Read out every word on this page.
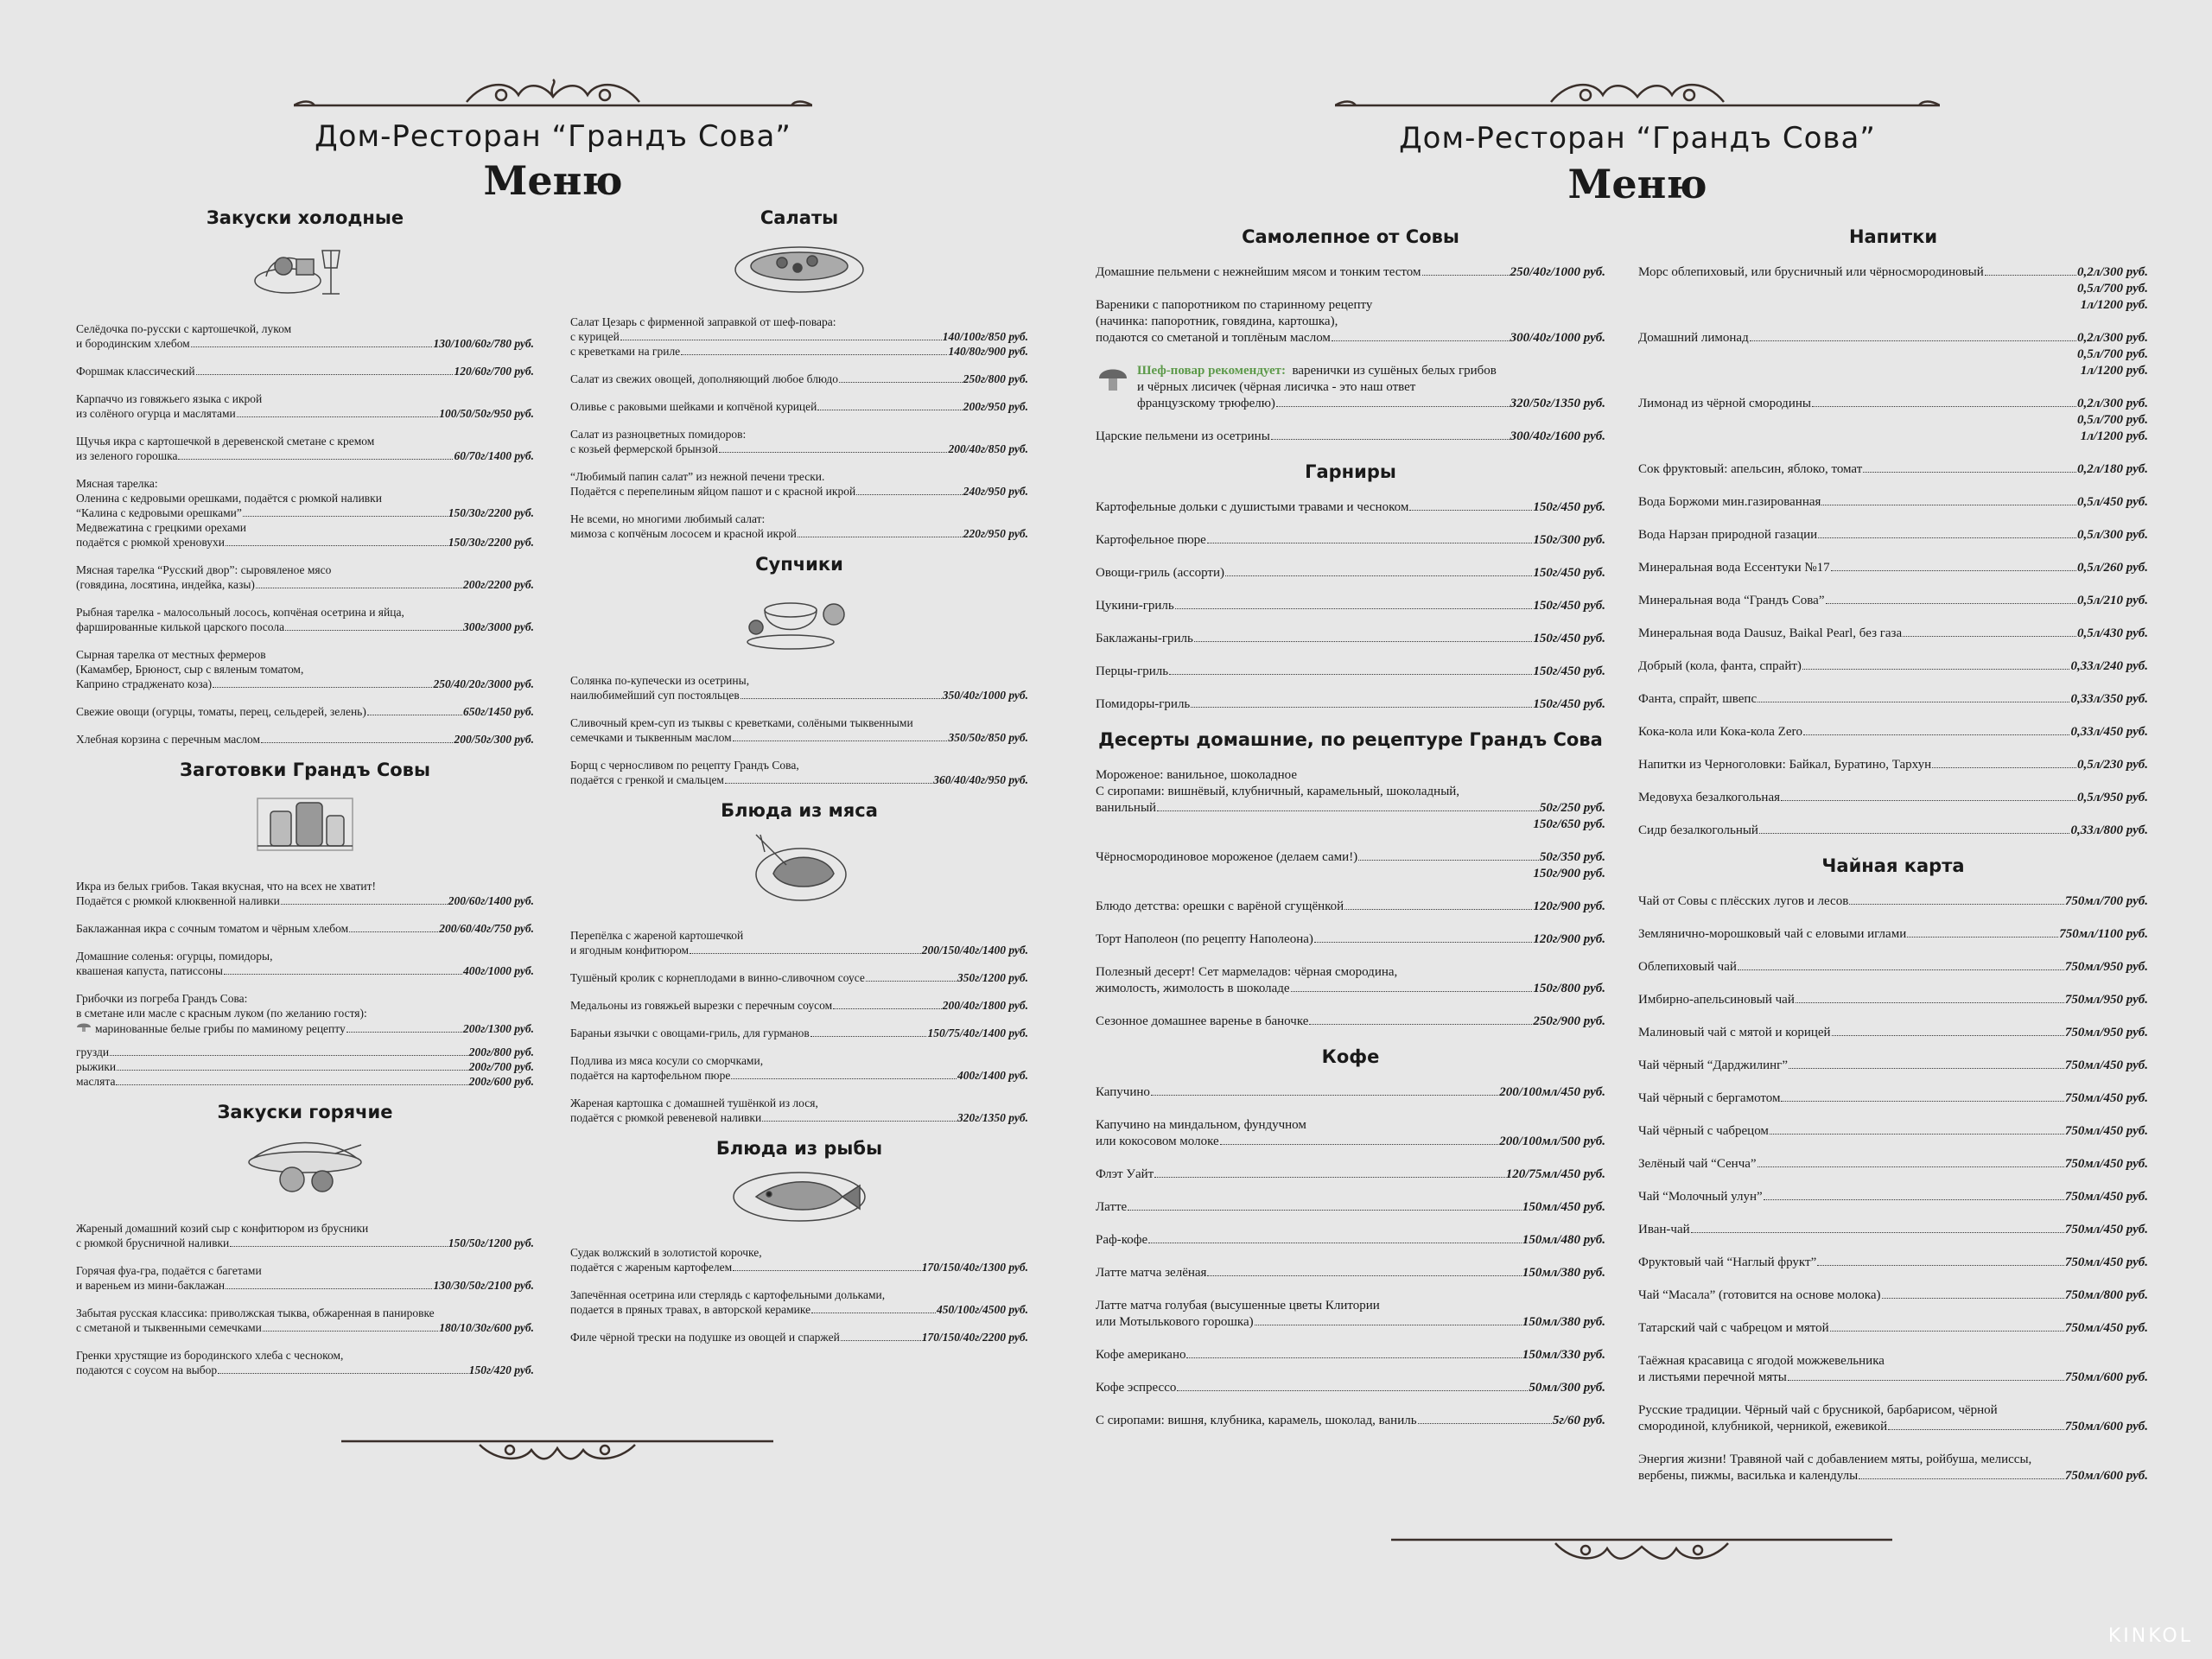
Дом-Ресторан “Грандъ Сова”
Меню
Закуски холодные
Селёдочка по-русски с картошечкой, луком
и бородинским хлебом	130/100/60г/780 руб.
Форшмак классический	120/60г/700 руб.
Карпаччо из говяжьего языка с икрой
из солёного огурца и маслятами	100/50/50г/950 руб.
Щучья икра с картошечкой в деревенской сметане с кремом
из зеленого горошка	60/70г/1400 руб.
Мясная тарелка:
Оленина с кедровыми орешками, подаётся с рюмкой наливки
“Калина с кедровыми орешками”	150/30г/2200 руб.
Медвежатина с грецкими орехами
подаётся с рюмкой хреновухи	150/30г/2200 руб.
Мясная тарелка “Русский двор”: сыровяленое мясо
(говядина, лосятина, индейка, казы)	200г/2200 руб.
Рыбная тарелка - малосольный лосось, копчёная осетрина и яйца,
фаршированные килькой царского посола	300г/3000 руб.
Сырная тарелка от местных фермеров
(Камамбер, Брюност, сыр с вяленым томатом,
Каприно страдженато коза)	250/40/20г/3000 руб.
Свежие овощи (огурцы, томаты, перец, сельдерей, зелень)	650г/1450 руб.
Хлебная корзина с перечным маслом	200/50г/300 руб.
Заготовки Грандъ Совы
Икра из белых грибов. Такая вкусная, что на всех не хватит!
Подаётся с рюмкой клюквенной наливки	200/60г/1400 руб.
Баклажанная икра с сочным томатом и чёрным хлебом	200/60/40г/750 руб.
Домашние соленья: огурцы, помидоры,
квашеная капуста, патиссоны	400г/1000 руб.
Грибочки из погреба Грандъ Сова:
в сметане или масле с красным луком (по желанию гостя):
маринованные белые грибы по маминому рецепту	200г/1300 руб.
грузди	200г/800 руб.
рыжики	200г/700 руб.
маслята	200г/600 руб.
Закуски горячие
Жареный домашний козий сыр с конфитюром из брусники
с рюмкой брусничной наливки	150/50г/1200 руб.
Горячая фуа-гра, подаётся с багетами
и вареньем из мини-баклажан	130/30/50г/2100 руб.
Забытая русская классика: приволжская тыква, обжаренная в панировке
с сметаной и тыквенными семечками	180/10/30г/600 руб.
Гренки хрустящие из бородинского хлеба с чесноком,
подаются с соусом на выбор	150г/420 руб.
Салаты
Салат Цезарь с фирменной заправкой от шеф-повара:
с курицей	140/100г/850 руб.
с креветками на гриле	140/80г/900 руб.
Салат из свежих овощей, дополняющий любое блюдо	250г/800 руб.
Оливье с раковыми шейками и копчёной курицей	200г/950 руб.
Салат из разноцветных помидоров:
с козьей фермерской брынзой	200/40г/850 руб.
“Любимый папин салат” из нежной печени трески.
Подаётся с перепелиным яйцом пашот и с красной икрой	240г/950 руб.
Не всеми, но многими любимый салат:
мимоза с копчёным лососем и красной икрой	220г/950 руб.
Супчики
Солянка по-купечески из осетрины,
наилюбимейший суп постояльцев	350/40г/1000 руб.
Сливочный крем-суп из тыквы с креветками, солёными тыквенными
семечками и тыквенным маслом	350/50г/850 руб.
Борщ с черносливом по рецепту Грандъ Сова,
подаётся с гренкой и смальцем	360/40/40г/950 руб.
Блюда из мяса
Перепёлка с жареной картошечкой
и ягодным конфитюром	200/150/40г/1400 руб.
Тушёный кролик с корнеплодами в винно-сливочном соусе	350г/1200 руб.
Медальоны из говяжьей вырезки с перечным соусом	200/40г/1800 руб.
Бараньи язычки с овощами-гриль, для гурманов	150/75/40г/1400 руб.
Подлива из мяса косули со сморчками,
подаётся на картофельном пюре	400г/1400 руб.
Жареная картошка с домашней тушёнкой из лося,
подаётся с рюмкой ревеневой наливки	320г/1350 руб.
Блюда из рыбы
Судак волжский в золотистой корочке,
подаётся с жареным картофелем	170/150/40г/1300 руб.
Запечённая осетрина или стерлядь с картофельными дольками,
подается в пряных травах, в авторской керамике	450/100г/4500 руб.
Филе чёрной трески на подушке из овощей и спаржей	170/150/40г/2200 руб.
Дом-Ресторан “Грандъ Сова”
Меню
Самолепное от Совы
Домашние пельмени с нежнейшим мясом и тонким тестом	250/40г/1000 руб.
Вареники с папоротником по старинному рецепту
(начинка: папоротник, говядина, картошка),
подаются со сметаной и топлёным маслом	300/40г/1000 руб.
Шеф-повар рекомендует:  варенички из сушёных белых грибов
и чёрных лисичек (чёрная лисичка - это наш ответ
французскому трюфелю)	320/50г/1350 руб.
Царские пельмени из осетрины	300/40г/1600 руб.
Гарниры
Картофельные дольки с душистыми травами и чесноком	150г/450 руб.
Картофельное пюре	150г/300 руб.
Овощи-гриль (ассорти)	150г/450 руб.
Цукини-гриль	150г/450 руб.
Баклажаны-гриль	150г/450 руб.
Перцы-гриль	150г/450 руб.
Помидоры-гриль	150г/450 руб.
Десерты домашние, по рецептуре Грандъ Сова
Мороженое: ванильное, шоколадное
С сиропами: вишнёвый, клубничный, карамельный, шоколадный,
ванильный	50г/250 руб.
150г/650 руб.
Чёрносмородиновое мороженое (делаем сами!)	50г/350 руб.
150г/900 руб.
Блюдо детства: орешки с варёной сгущёнкой	120г/900 руб.
Торт Наполеон (по рецепту Наполеона)	120г/900 руб.
Полезный десерт! Сет мармеладов: чёрная смородина,
жимолость, жимолость в шоколаде	150г/800 руб.
Сезонное домашнее варенье в баночке	250г/900 руб.
Кофе
Капучино	200/100мл/450 руб.
Капучино на миндальном, фундучном
или кокосовом молоке	200/100мл/500 руб.
Флэт Уайт	120/75мл/450 руб.
Латте	150мл/450 руб.
Раф-кофе	150мл/480 руб.
Латте матча зелёная	150мл/380 руб.
Латте матча голубая (высушенные цветы Клитории
или Мотылькового горошка)	150мл/380 руб.
Кофе американо	150мл/330 руб.
Кофе эспрессо	50мл/300 руб.
С сиропами: вишня, клубника, карамель, шоколад, ваниль	5г/60 руб.
Напитки
Морс облепиховый, или брусничный или чёрносмородиновый	0,2л/300 руб.
0,5л/700 руб.
1л/1200 руб.
Домашний лимонад	0,2л/300 руб.
0,5л/700 руб.
1л/1200 руб.
Лимонад из чёрной смородины	0,2л/300 руб.
0,5л/700 руб.
1л/1200 руб.
Сок фруктовый: апельсин, яблоко, томат	0,2л/180 руб.
Вода Боржоми мин.газированная	0,5л/450 руб.
Вода Нарзан природной газации	0,5л/300 руб.
Минеральная вода Ессентуки №17	0,5л/260 руб.
Минеральная вода “Грандъ Сова”	0,5л/210 руб.
Минеральная вода Dausuz, Baikal Pearl, без газа	0,5л/430 руб.
Добрый (кола, фанта, спрайт)	0,33л/240 руб.
Фанта, спрайт, швепс	0,33л/350 руб.
Кока-кола или Кока-кола Zero	0,33л/450 руб.
Напитки из Черноголовки: Байкал, Буратино, Тархун	0,5л/230 руб.
Медовуха безалкогольная	0,5л/950 руб.
Сидр безалкогольный	0,33л/800 руб.
Чайная карта
Чай от Совы с плёсских лугов и лесов	750мл/700 руб.
Землянично-морошковый чай с еловыми иглами	750мл/1100 руб.
Облепиховый чай	750мл/950 руб.
Имбирно-апельсиновый чай	750мл/950 руб.
Малиновый чай с мятой и корицей	750мл/950 руб.
Чай чёрный “Дарджилинг”	750мл/450 руб.
Чай чёрный с бергамотом	750мл/450 руб.
Чай чёрный с чабрецом	750мл/450 руб.
Зелёный чай “Сенча”	750мл/450 руб.
Чай “Молочный улун”	750мл/450 руб.
Иван-чай	750мл/450 руб.
Фруктовый чай “Наглый фрукт”	750мл/450 руб.
Чай “Масала” (готовится на основе молока)	750мл/800 руб.
Татарский чай с чабрецом и мятой	750мл/450 руб.
Таёжная красавица с ягодой можжевельника
и листьями перечной мяты	750мл/600 руб.
Русские традиции. Чёрный чай с брусникой, барбарисом, чёрной
смородиной, клубникой, черникой, ежевикой	750мл/600 руб.
Энергия жизни! Травяной чай с добавлением мяты, ройбуша, мелиссы,
вербены, пижмы, василька и календулы	750мл/600 руб.
KINKOL
